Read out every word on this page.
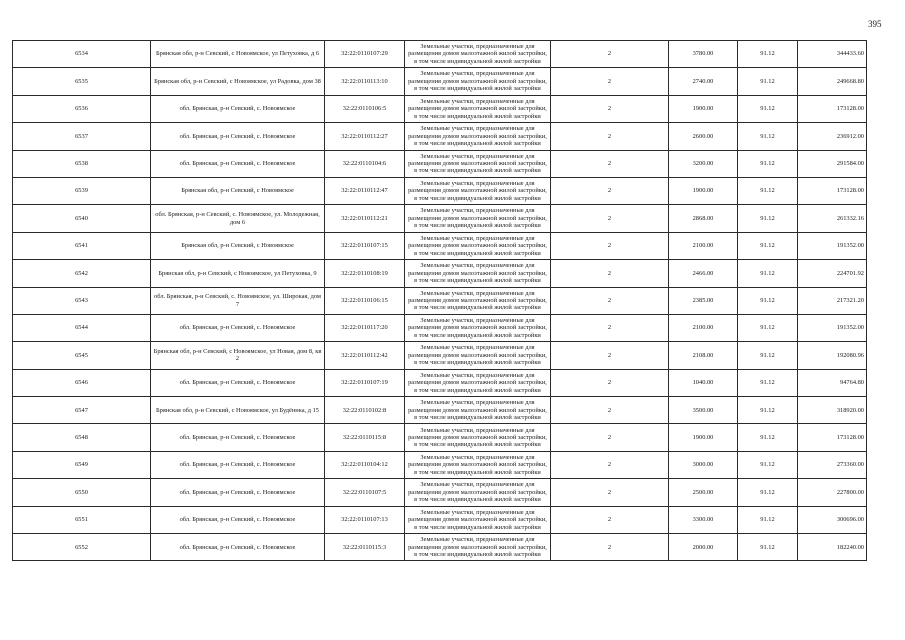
395
6534	Брянская обл, р-н Севский, с Новоямское, ул Петуховка, д 6	32:22:0110107:29	Земельные участки, предназначенные для размещения домов малоэтажной жилой застройки, в том числе индивидуальной жилой застройки	2	3780.00	91.12	344433.60
6535	Брянская обл, р-н Севский, с Новоямское, ул Радовка, дом 38	32:22:0110113:10	Земельные участки, предназначенные для размещения домов малоэтажной жилой застройки, в том числе индивидуальной жилой застройки	2	2740.00	91.12	249668.80
6536	обл. Брянская, р-н Севский, с. Новоямское	32:22:0110106:5	Земельные участки, предназначенные для размещения домов малоэтажной жилой застройки, в том числе индивидуальной жилой застройки	2	1900.00	91.12	173128.00
6537	обл. Брянская, р-н Севский, с. Новоямское	32:22:0110112:27	Земельные участки, предназначенные для размещения домов малоэтажной жилой застройки, в том числе индивидуальной жилой застройки	2	2600.00	91.12	236912.00
6538	обл. Брянская, р-н Севский, с. Новоямское	32:22:0110104:6	Земельные участки, предназначенные для размещения домов малоэтажной жилой застройки, в том числе индивидуальной жилой застройки	2	3200.00	91.12	291584.00
6539	Брянская обл, р-н Севский, с Новоямское	32:22:0110112:47	Земельные участки, предназначенные для размещения домов малоэтажной жилой застройки, в том числе индивидуальной жилой застройки	2	1900.00	91.12	173128.00
6540	обл. Брянская, р-н Севский, с. Новоямское, ул. Молодежная, дом 6	32:22:0110112:21	Земельные участки, предназначенные для размещения домов малоэтажной жилой застройки, в том числе индивидуальной жилой застройки	2	2868.00	91.12	261332.16
6541	Брянская обл, р-н Севский, с Новоямское	32:22:0110107:15	Земельные участки, предназначенные для размещения домов малоэтажной жилой застройки, в том числе индивидуальной жилой застройки	2	2100.00	91.12	191352.00
6542	Брянская обл, р-н Севский, с Новоямское, ул Петуховка, 9	32:22:0110108:19	Земельные участки, предназначенные для размещения домов малоэтажной жилой застройки, в том числе индивидуальной жилой застройки	2	2466.00	91.12	224701.92
6543	обл. Брянская, р-н Севский, с. Новоямское, ул. Широкая, дом 7	32:22:0110106:15	Земельные участки, предназначенные для размещения домов малоэтажной жилой застройки, в том числе индивидуальной жилой застройки	2	2385.00	91.12	217321.20
6544	обл. Брянская, р-н Севский, с. Новоямское	32:22:0110117:20	Земельные участки, предназначенные для размещения домов малоэтажной жилой застройки, в том числе индивидуальной жилой застройки	2	2100.00	91.12	191352.00
6545	Брянская обл, р-н Севский, с Новоямское, ул Новая, дом 8, кв 2	32:22:0110112:42	Земельные участки, предназначенные для размещения домов малоэтажной жилой застройки, в том числе индивидуальной жилой застройки	2	2108.00	91.12	192080.96
6546	обл. Брянская, р-н Севский, с. Новоямское	32:22:0110107:19	Земельные участки, предназначенные для размещения домов малоэтажной жилой застройки, в том числе индивидуальной жилой застройки	2	1040.00	91.12	94764.80
6547	Брянская обл, р-н Севский, с Новоямское, ул Будённка, д 15	32:22:0110102:8	Земельные участки, предназначенные для размещения домов малоэтажной жилой застройки, в том числе индивидуальной жилой застройки	2	3500.00	91.12	318920.00
6548	обл. Брянская, р-н Севский, с. Новоямское	32:22:0110115:8	Земельные участки, предназначенные для размещения домов малоэтажной жилой застройки, в том числе индивидуальной жилой застройки	2	1900.00	91.12	173128.00
6549	обл. Брянская, р-н Севский, с. Новоямское	32:22:0110104:12	Земельные участки, предназначенные для размещения домов малоэтажной жилой застройки, в том числе индивидуальной жилой застройки	2	3000.00	91.12	273360.00
6550	обл. Брянская, р-н Севский, с. Новоямское	32:22:0110107:5	Земельные участки, предназначенные для размещения домов малоэтажной жилой застройки, в том числе индивидуальной жилой застройки	2	2500.00	91.12	227800.00
6551	обл. Брянская, р-н Севский, с. Новоямское	32:22:0110107:13	Земельные участки, предназначенные для размещения домов малоэтажной жилой застройки, в том числе индивидуальной жилой застройки	2	3300.00	91.12	300696.00
6552	обл. Брянская, р-н Севский, с. Новоямское	32:22:0110115:3	Земельные участки, предназначенные для размещения домов малоэтажной жилой застройки, в том числе индивидуальной жилой застройки	2	2000.00	91.12	182240.00
